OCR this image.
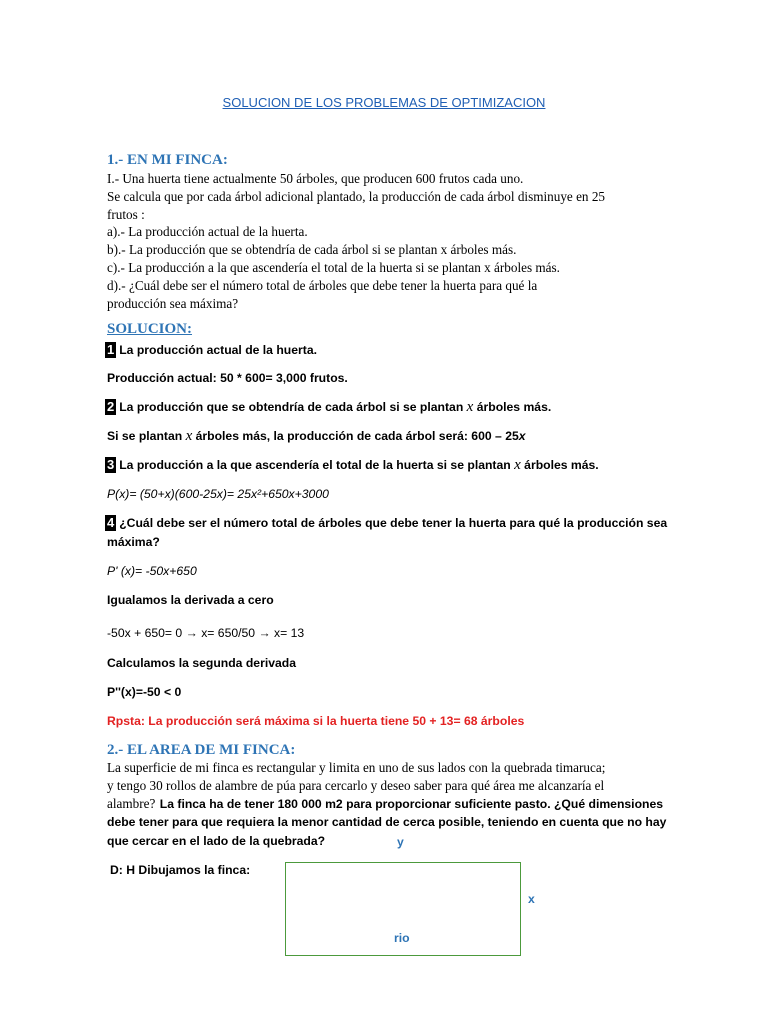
SOLUCION DE LOS PROBLEMAS DE OPTIMIZACION
1.- EN MI FINCA:
I.- Una huerta tiene actualmente 50 árboles, que producen 600 frutos cada uno.
Se calcula que por cada árbol adicional plantado, la producción de cada árbol disminuye en 25
frutos :
a).- La producción actual de la huerta.
b).- La producción que se obtendría de cada árbol si se plantan x árboles más.
c).- La producción a la que ascendería el total de la huerta si se plantan x árboles más.
d).- ¿Cuál debe ser el número total de árboles que debe tener la huerta para qué la
producción sea máxima?
SOLUCION:
1 La producción actual de la huerta.
Producción actual: 50 * 600= 3,000 frutos.
2 La producción que se obtendría de cada árbol si se plantan x árboles más.
Si se plantan x árboles más, la producción de cada árbol será: 600 – 25x
3 La producción a la que ascendería el total de la huerta si se plantan x árboles más.
P(x)= (50+x)(600-25x)= 25x²+650x+3000
4 ¿Cuál debe ser el número total de árboles que debe tener la huerta para qué la producción sea
máxima?
P' (x)= -50x+650
Igualamos la derivada a cero
-50x + 650= 0 → x= 650/50 → x= 13
Calculamos la segunda derivada
P''(x)=-50 < 0
Rpsta: La producción será máxima si la huerta tiene 50 + 13= 68 árboles
2.- EL AREA DE MI FINCA:
La superficie de mi finca es rectangular y limita en uno de sus lados con la quebrada timaruca;
y tengo 30 rollos de alambre de púa para cercarlo y deseo saber para qué área me alcanzaría el
alambre? La finca ha de tener 180 000 m2 para proporcionar suficiente pasto. ¿Qué dimensiones
debe tener para que requiera la menor cantidad de cerca posible, teniendo en cuenta que no hay
que cercar en el lado de la quebrada?	y
D: H Dibujamos la finca:
x
rio
